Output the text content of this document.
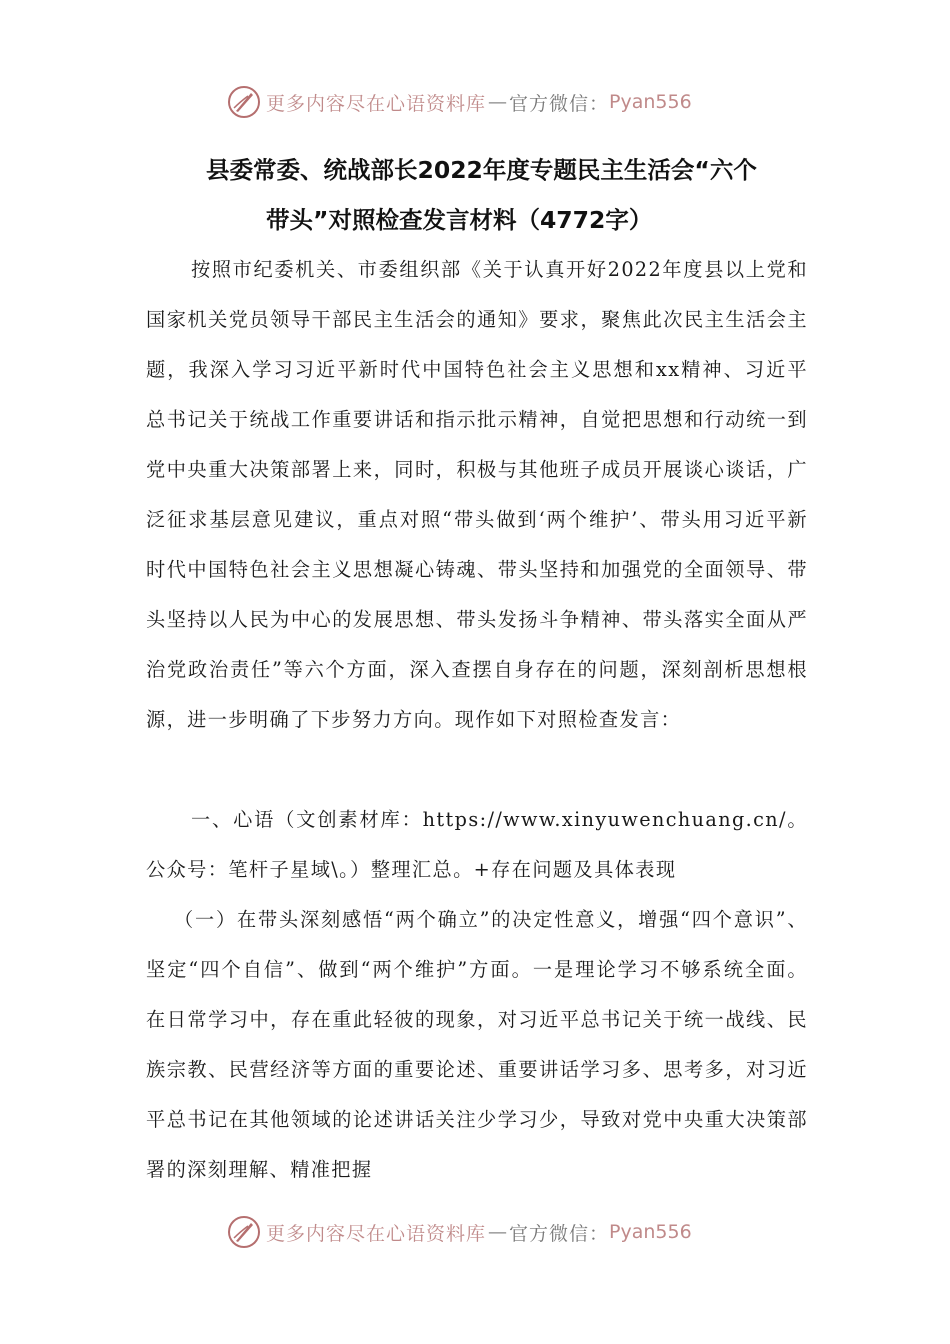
更多内容尽在心语资料库 — 官方微信： Pyan556
县委常委、统战部长2022年度专题民主生活会“六个
带头”对照检查发言材料（4772字）

按照市纪委机关、市委组织部《关于认真开好2022年度县以上党和国家机关党员领导干部民主生活会的通知》要求，聚焦此次民主生活会主题，我深入学习习近平新时代中国特色社会主义思想和xx精神、习近平总书记关于统战工作重要讲话和指示批示精神，自觉把思想和行动统一到党中央重大决策部署上来，同时，积极与其他班子成员开展谈心谈话，广泛征求基层意见建议，重点对照“带头做到‘两个维护’、带头用习近平新时代中国特色社会主义思想凝心铸魂、带头坚持和加强党的全面领导、带头坚持以人民为中心的发展思想、带头发扬斗争精神、带头落实全面从严治党政治责任”等六个方面，深入查摆自身存在的问题，深刻剖析思想根源，进一步明确了下步努力方向。现作如下对照检查发言：

一、心语（文创素材库：https://www.xinyuwenchuang.cn/。公众号：笔杆子星域\。）整理汇总。+存在问题及具体表现

（一）在带头深刻感悟“两个确立”的决定性意义，增强“四个意识”、坚定“四个自信”、做到“两个维护”方面。一是理论学习不够系统全面。在日常学习中，存在重此轻彼的现象，对习近平总书记关于统一战线、民族宗教、民营经济等方面的重要论述、重要讲话学习多、思考多，对习近平总书记在其他领域的论述讲话关注少学习少，导致对党中央重大决策部署的深刻理解、精准把握

更多内容尽在心语资料库 — 官方微信： Pyan556
